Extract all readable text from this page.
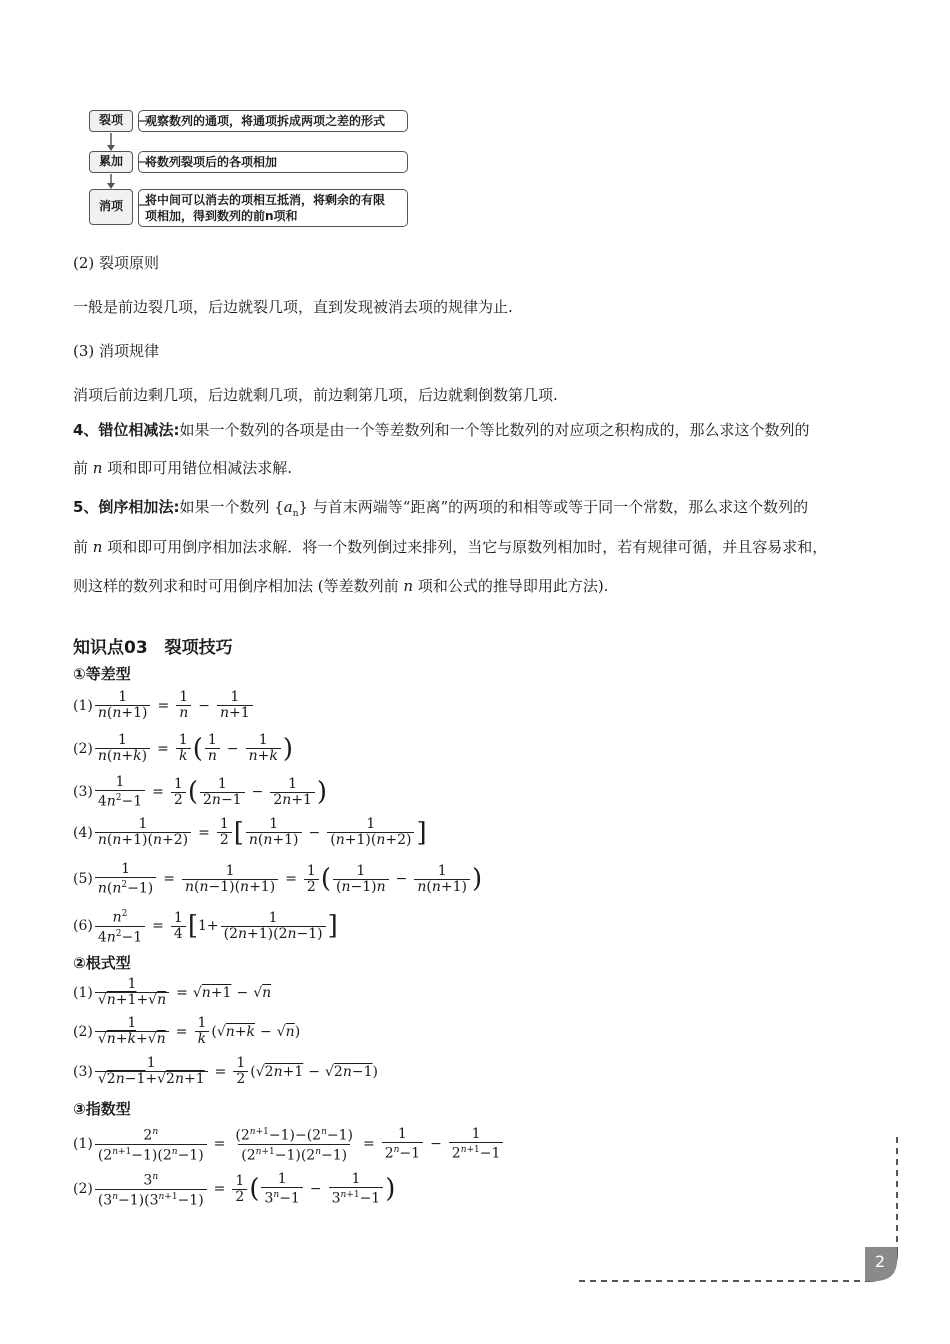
裂项
累加
消项
观察数列的通项，将通项拆成两项之差的形式
将数列裂项后的各项相加
将中间可以消去的项相互抵消，将剩余的有限
项相加，得到数列的前n项和
(2) 裂项原则
一般是前边裂几项，后边就裂几项，直到发现被消去项的规律为止.
(3) 消项规律
消项后前边剩几项，后边就剩几项，前边剩第几项，后边就剩倒数第几项.
4、错位相减法:如果一个数列的各项是由一个等差数列和一个等比数列的对应项之积构成的，那么求这个数列的
前 n 项和即可用错位相减法求解.
5、倒序相加法:如果一个数列 $\{a_n\}$ 与首末两端等“距离”的两项的和相等或等于同一个常数，那么求这个数列的
前 n 项和即可用倒序相加法求解．将一个数列倒过来排列，当它与原数列相加时，若有规律可循，并且容易求和，
则这样的数列求和时可用倒序相加法 (等差数列前 n 项和公式的推导即用此方法).
知识点03　裂项技巧
①等差型
$(1) \frac{1}{n(n+1)} = \frac{1}{n} - \frac{1}{n+1}$
$(2) \frac{1}{n(n+k)} = \frac{1}{k}$ ( $\frac{1}{n} - \frac{1}{n+k}$ )
$(3) \frac{1}{4n^2-1} = \frac{1}{2}$ ( $\frac{1}{2n-1} - \frac{1}{2n+1}$ )
$(4) \frac{1}{n(n+1)(n+2)} = \frac{1}{2}$ [ $\frac{1}{n(n+1)} - \frac{1}{(n+1)(n+2)}$ ]
$(5) \frac{1}{n(n^2-1)} = \frac{1}{n(n-1)(n+1)} = \frac{1}{2}$ ( $\frac{1}{(n-1)n} - \frac{1}{n(n+1)}$ )
$(6) \frac{n^2}{4n^2-1} = \frac{1}{4}$ [ $1+ \frac{1}{(2n+1)(2n-1)}$ ]
②根式型
$(1) \frac{1}{√n+1+√n}$ = √ n+1 − √ n
$(2) \frac{1}{√n+k+√n} = \frac{1}{k}$ (√ n+k − √ n )
$(3) \frac{1}{√2n-1+√2n+1} = \frac{1}{2}$ (√ 2n+1 − √ 2n−1 )
③指数型
$(1) \frac{2^n}{(2^{n+1}-1)(2^n-1)} = \frac{(2^{n+1}-1)-(2^n-1)}{(2^{n+1}-1)(2^n-1)} = \frac{1}{2^n-1} - \frac{1}{2^{n+1}-1}$
$(2) \frac{3^n}{(3^n-1)(3^{n+1}-1)} = \frac{1}{2}$ ( $\frac{1}{3^n-1} - \frac{1}{3^{n+1}-1}$ )
2
